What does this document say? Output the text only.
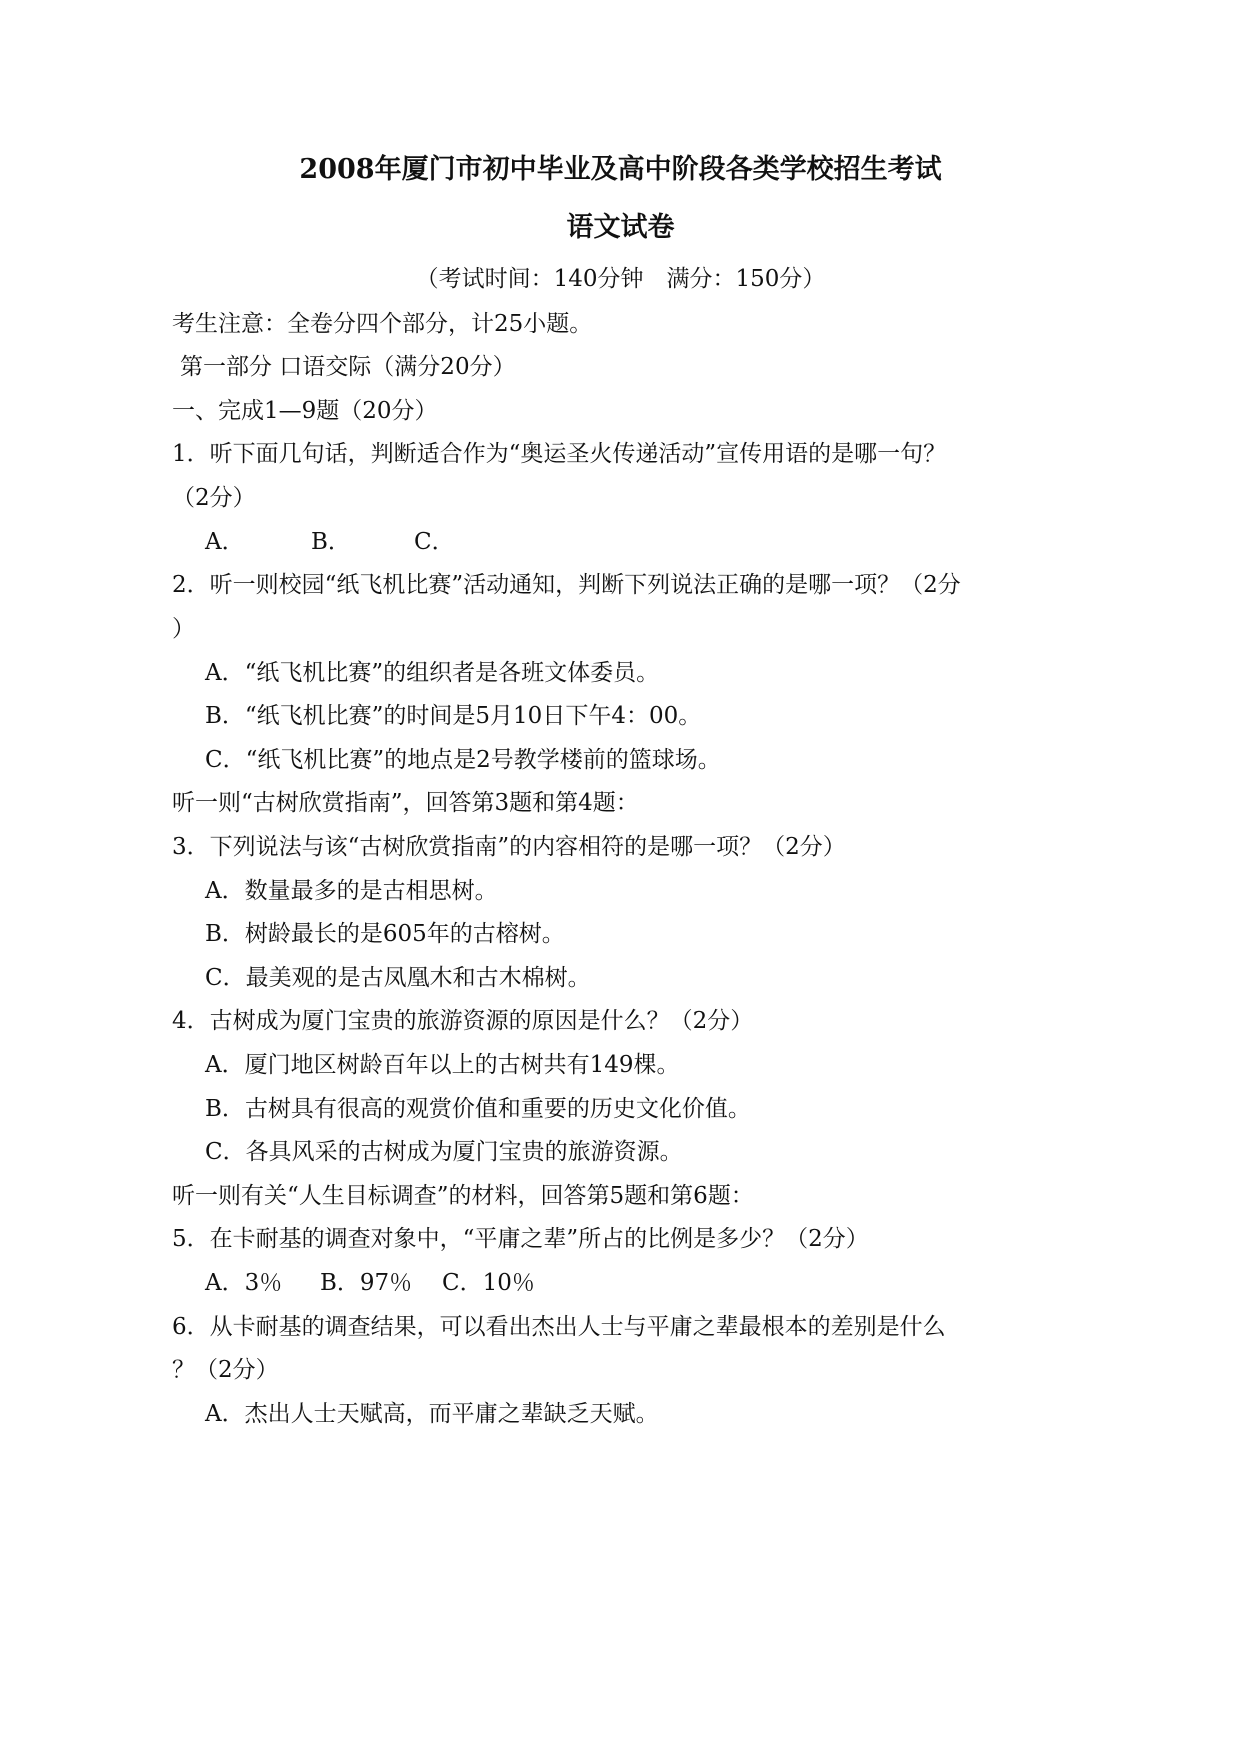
2008年厦门市初中毕业及高中阶段各类学校招生考试
语文试卷
（考试时间：140分钟　满分：150分）
考生注意：全卷分四个部分，计25小题。
第一部分 口语交际（满分20分）
一、完成1—9题（20分）
1．听下面几句话，判断适合作为“奥运圣火传递活动”宣传用语的是哪一句？
（2分）
A．	B．	C．
2．听一则校园“纸飞机比赛”活动通知，判断下列说法正确的是哪一项？（2分
）
A．“纸飞机比赛”的组织者是各班文体委员。
B．“纸飞机比赛”的时间是5月10日下午4：00。
C．“纸飞机比赛”的地点是2号教学楼前的篮球场。
听一则“古树欣赏指南”，回答第3题和第4题：
3．下列说法与该“古树欣赏指南”的内容相符的是哪一项？（2分）
A．数量最多的是古相思树。
B．树龄最长的是605年的古榕树。
C．最美观的是古凤凰木和古木棉树。
4．古树成为厦门宝贵的旅游资源的原因是什么？（2分）
A．厦门地区树龄百年以上的古树共有149棵。
B．古树具有很高的观赏价值和重要的历史文化价值。
C．各具风采的古树成为厦门宝贵的旅游资源。
听一则有关“人生目标调查”的材料，回答第5题和第6题：
5．在卡耐基的调查对象中，“平庸之辈”所占的比例是多少？（2分）
A．3％ B．97％ C．10％
6．从卡耐基的调查结果，可以看出杰出人士与平庸之辈最根本的差别是什么
？（2分）
A．杰出人士天赋高，而平庸之辈缺乏天赋。
